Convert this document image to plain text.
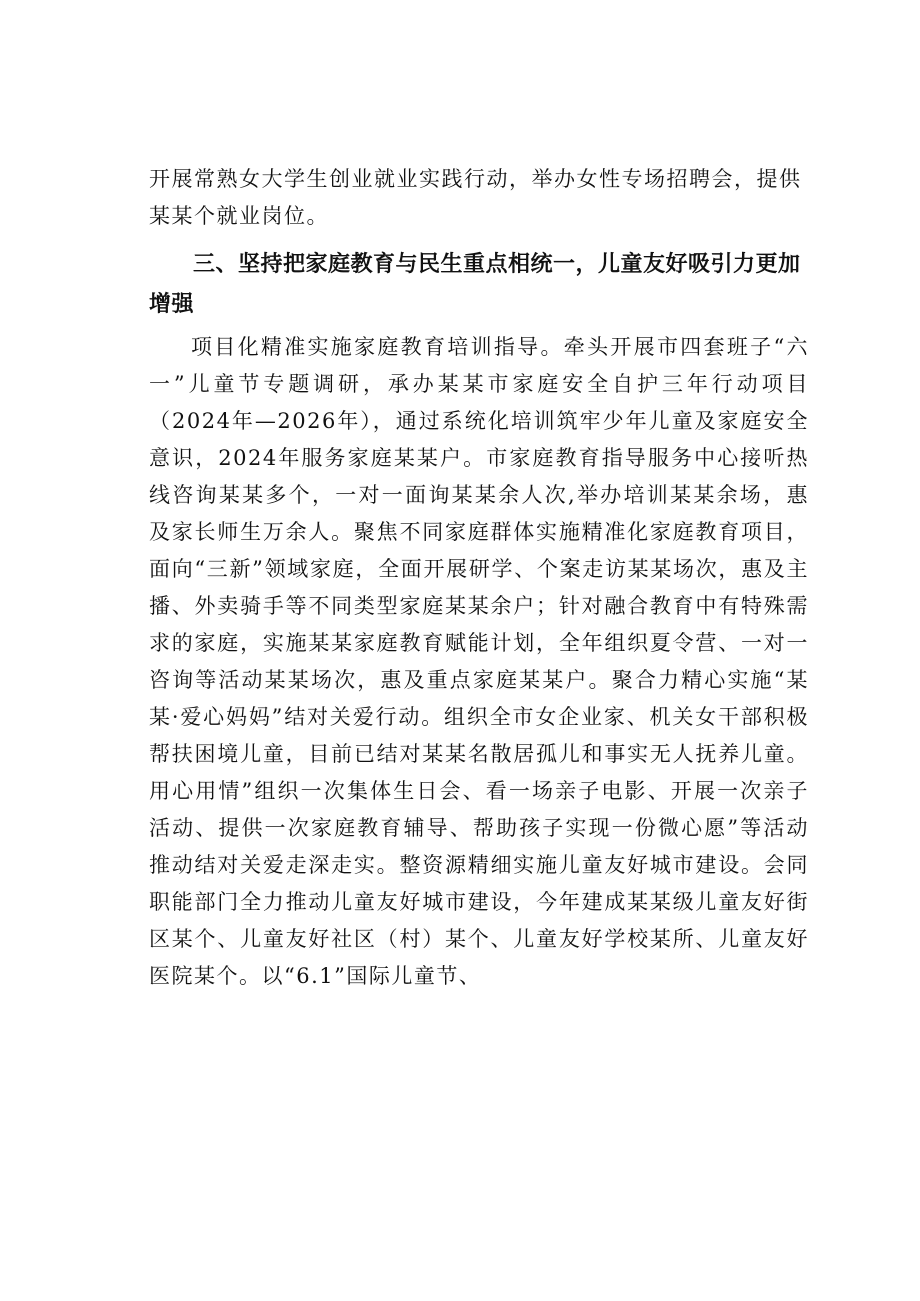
开展常熟女大学生创业就业实践行动，举办女性专场招聘会，提供某某个就业岗位。

三、坚持把家庭教育与民生重点相统一，儿童友好吸引力更加增强

项目化精准实施家庭教育培训指导。牵头开展市四套班子“六一”儿童节专题调研，承办某某市家庭安全自护三年行动项目（2024年—2026年），通过系统化培训筑牢少年儿童及家庭安全意识，2024年服务家庭某某户。市家庭教育指导服务中心接听热线咨询某某多个，一对一面询某某余人次,举办培训某某余场，惠及家长师生万余人。聚焦不同家庭群体实施精准化家庭教育项目，面向“三新”领域家庭，全面开展研学、个案走访某某场次，惠及主播、外卖骑手等不同类型家庭某某余户；针对融合教育中有特殊需求的家庭，实施某某家庭教育赋能计划，全年组织夏令营、一对一咨询等活动某某场次，惠及重点家庭某某户。聚合力精心实施“某某·爱心妈妈”结对关爱行动。组织全市女企业家、机关女干部积极帮扶困境儿童，目前已结对某某名散居孤儿和事实无人抚养儿童。用心用情”组织一次集体生日会、看一场亲子电影、开展一次亲子活动、提供一次家庭教育辅导、帮助孩子实现一份微心愿”等活动推动结对关爱走深走实。整资源精细实施儿童友好城市建设。会同职能部门全力推动儿童友好城市建设，今年建成某某级儿童友好街区某个、儿童友好社区（村）某个、儿童友好学校某所、儿童友好医院某个。以“6.1”国际儿童节、
